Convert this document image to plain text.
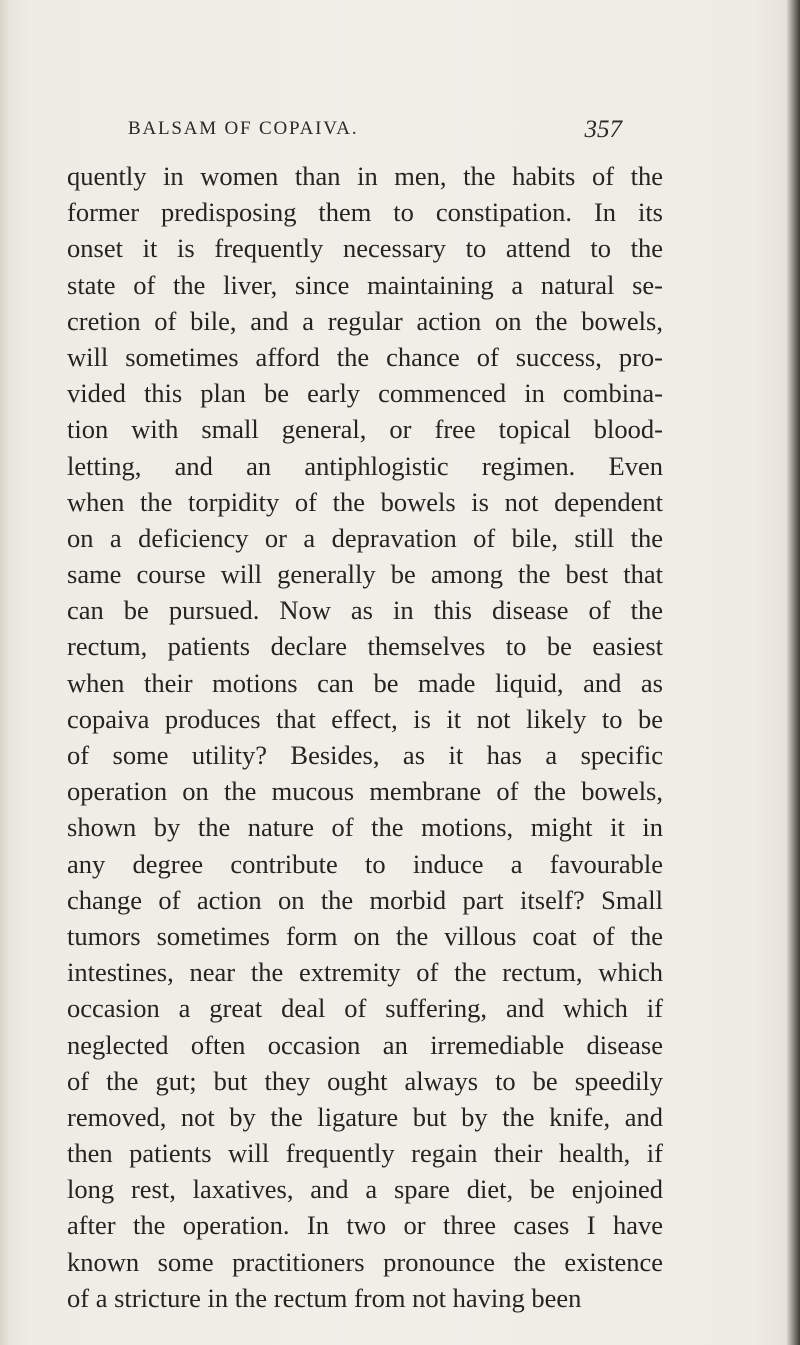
BALSAM OF COPAIVA.	357
quently in women than in men, the habits of the
former predisposing them to constipation. In its
onset it is frequently necessary to attend to the
state of the liver, since maintaining a natural se-
cretion of bile, and a regular action on the bowels,
will sometimes afford the chance of success, pro-
vided this plan be early commenced in combina-
tion with small general, or free topical blood-
letting, and an antiphlogistic regimen. Even
when the torpidity of the bowels is not dependent
on a deficiency or a depravation of bile, still the
same course will generally be among the best that
can be pursued. Now as in this disease of the
rectum, patients declare themselves to be easiest
when their motions can be made liquid, and as
copaiva produces that effect, is it not likely to be
of some utility? Besides, as it has a specific
operation on the mucous membrane of the bowels,
shown by the nature of the motions, might it in
any degree contribute to induce a favourable
change of action on the morbid part itself? Small
tumors sometimes form on the villous coat of the
intestines, near the extremity of the rectum, which
occasion a great deal of suffering, and which if
neglected often occasion an irremediable disease
of the gut; but they ought always to be speedily
removed, not by the ligature but by the knife, and
then patients will frequently regain their health, if
long rest, laxatives, and a spare diet, be enjoined
after the operation. In two or three cases I have
known some practitioners pronounce the existence
of a stricture in the rectum from not having been
